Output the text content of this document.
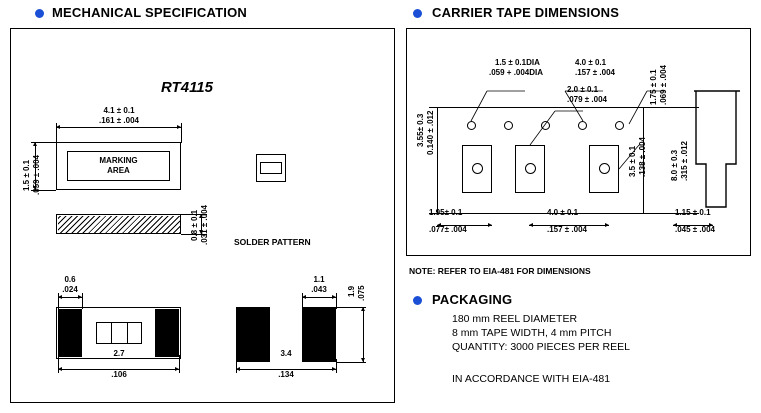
MECHANICAL SPECIFICATION	CARRIER TAPE DIMENSIONS
RT4115
MARKING
AREA
1.5 ± 0.1 .059 ± .004
4.1 ± 0.1
.161 ± .004
0.8 ± 0.1 .031 ± .004
0.6
.024
2.7
.106
SOLDER PATTERN
1.1
.043
3.4
.134
1.9 .075
1.5 ± 0.1DIA
.059 + .004DIA
4.0 ± 0.1
.157 ± .004
2.0 ± 0.1
.079 ± .004	1.75 ± 0.1 .069 ± .004
3.55± 0.3 0.140 ± .012
3.5 ± 0.1 .138 ± .004	8.0 ± 0.3 .315 ± .012
1.95± 0.1
.077± .004
4.0 ± 0.1
.157 ± .004
1.15 ± 0.1
.045 ± .004
NOTE: REFER TO EIA-481 FOR DIMENSIONS
PACKAGING
180 mm REEL DIAMETER
8 mm TAPE WIDTH, 4 mm PITCH
QUANTITY: 3000 PIECES PER REEL
IN ACCORDANCE WITH EIA-481
